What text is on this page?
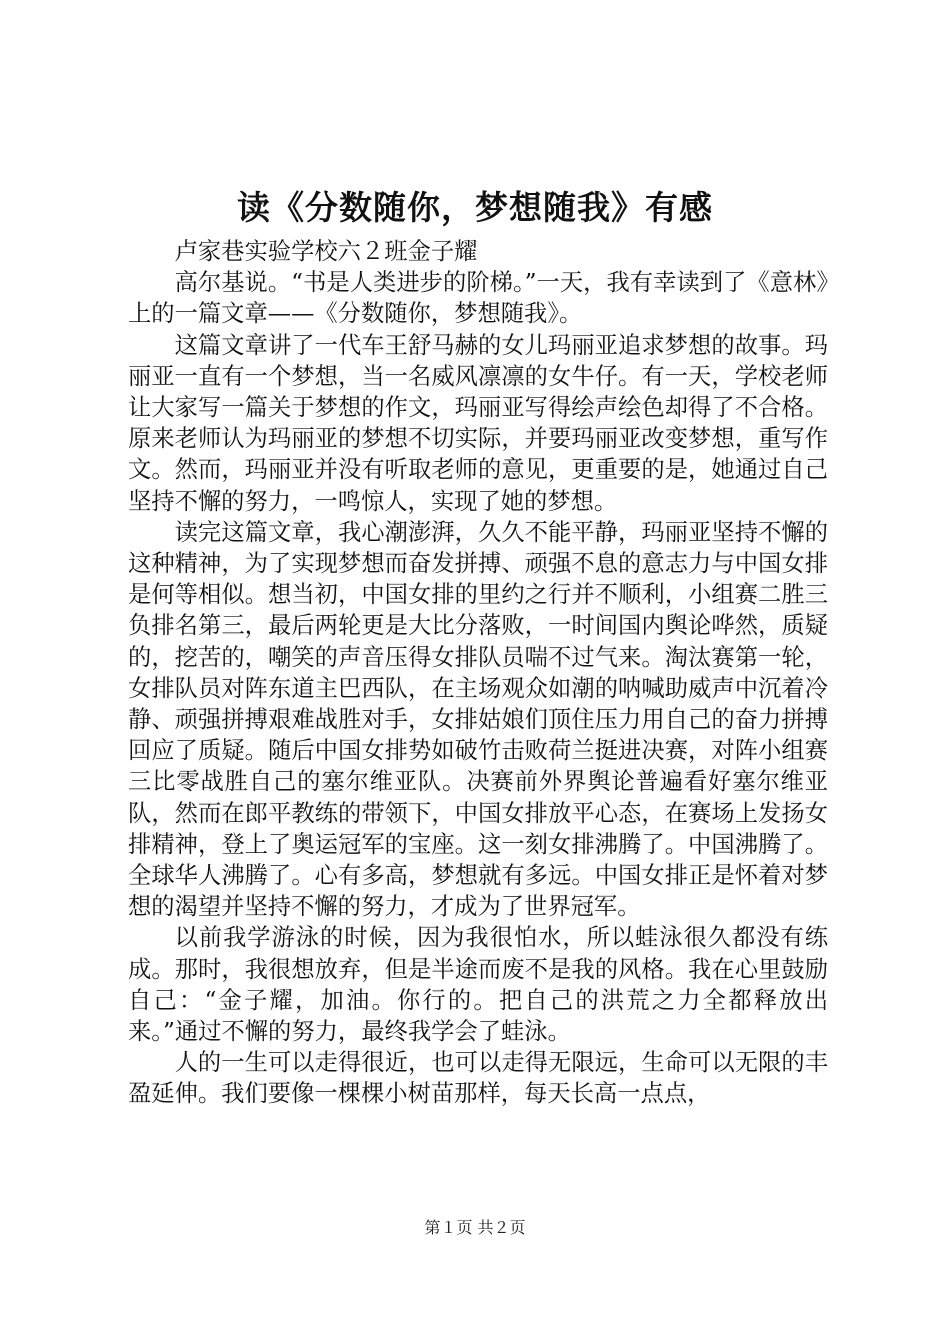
读《分数随你，梦想随我》有感

卢家巷实验学校六２班金子耀

高尔基说。“书是人类进步的阶梯。”一天，我有幸读到了《意林》上的一篇文章——《分数随你，梦想随我》。

这篇文章讲了一代车王舒马赫的女儿玛丽亚追求梦想的故事。玛丽亚一直有一个梦想，当一名威风凛凛的女牛仔。有一天，学校老师让大家写一篇关于梦想的作文，玛丽亚写得绘声绘色却得了不合格。原来老师认为玛丽亚的梦想不切实际，并要玛丽亚改变梦想，重写作文。然而，玛丽亚并没有听取老师的意见，更重要的是，她通过自己坚持不懈的努力，一鸣惊人，实现了她的梦想。

读完这篇文章，我心潮澎湃，久久不能平静，玛丽亚坚持不懈的这种精神，为了实现梦想而奋发拼搏、顽强不息的意志力与中国女排是何等相似。想当初，中国女排的里约之行并不顺利，小组赛二胜三负排名第三，最后两轮更是大比分落败，一时间国内舆论哗然，质疑的，挖苦的，嘲笑的声音压得女排队员喘不过气来。淘汰赛第一轮，女排队员对阵东道主巴西队，在主场观众如潮的呐喊助威声中沉着冷静、顽强拼搏艰难战胜对手，女排姑娘们顶住压力用自己的奋力拼搏回应了质疑。随后中国女排势如破竹击败荷兰挺进决赛，对阵小组赛三比零战胜自己的塞尔维亚队。决赛前外界舆论普遍看好塞尔维亚队，然而在郎平教练的带领下，中国女排放平心态，在赛场上发扬女排精神，登上了奥运冠军的宝座。这一刻女排沸腾了。中国沸腾了。全球华人沸腾了。心有多高，梦想就有多远。中国女排正是怀着对梦想的渴望并坚持不懈的努力，才成为了世界冠军。

以前我学游泳的时候，因为我很怕水，所以蛙泳很久都没有练成。那时，我很想放弃，但是半途而废不是我的风格。我在心里鼓励自己：“金子耀，加油。你行的。把自己的洪荒之力全都释放出来。”通过不懈的努力，最终我学会了蛙泳。

人的一生可以走得很近，也可以走得无限远，生命可以无限的丰盈延伸。我们要像一棵棵小树苗那样，每天长高一点点，

第１页 共２页
